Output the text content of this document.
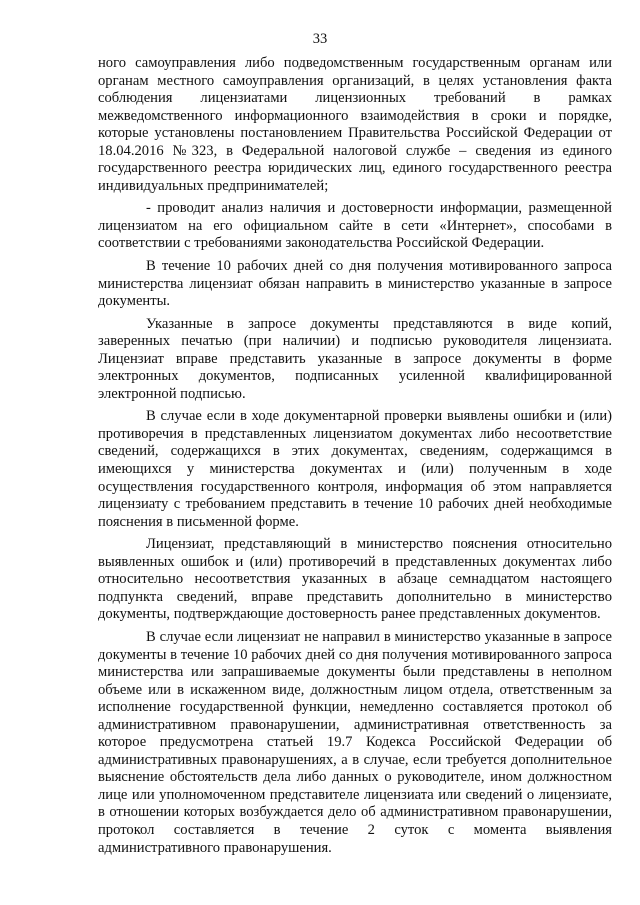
33

ного самоуправления либо подведомственным государственным органам или органам местного самоуправления организаций, в целях установления факта соблюдения лицензиатами лицензионных требований в рамках межведомственного информационного взаимодействия в сроки и порядке, которые установлены постановлением Правительства Российской Федерации от 18.04.2016 №323, в Федеральной налоговой службе – сведения из единого государственного реестра юридических лиц, единого государственного реестра индивидуальных предпринимателей;

- проводит анализ наличия и достоверности информации, размещенной лицензиатом на его официальном сайте в сети «Интернет», способами в соответствии с требованиями законодательства Российской Федерации.

В течение 10 рабочих дней со дня получения мотивированного запроса министерства лицензиат обязан направить в министерство указанные в запросе документы.

Указанные в запросе документы представляются в виде копий, заверенных печатью (при наличии) и подписью руководителя лицензиата. Лицензиат вправе представить указанные в запросе документы в форме электронных документов, подписанных усиленной квалифицированной электронной подписью.

В случае если в ходе документарной проверки выявлены ошибки и (или) противоречия в представленных лицензиатом документах либо несоответствие сведений, содержащихся в этих документах, сведениям, содержащимся в имеющихся у министерства документах и (или) полученным в ходе осуществления государственного контроля, информация об этом направляется лицензиату с требованием представить в течение 10 рабочих дней необходимые пояснения в письменной форме.

Лицензиат, представляющий в министерство пояснения относительно выявленных ошибок и (или) противоречий в представленных документах либо относительно несоответствия указанных в абзаце семнадцатом настоящего подпункта сведений, вправе представить дополнительно в министерство документы, подтверждающие достоверность ранее представленных документов.

В случае если лицензиат не направил в министерство указанные в запросе документы в течение 10 рабочих дней со дня получения мотивированного запроса министерства или запрашиваемые документы были представлены в неполном объеме или в искаженном виде, должностным лицом отдела, ответственным за исполнение государственной функции, немедленно составляется протокол об административном правонарушении, административная ответственность за которое предусмотрена статьей 19.7 Кодекса Российской Федерации об административных правонарушениях, а в случае, если требуется дополнительное выяснение обстоятельств дела либо данных о руководителе, ином должностном лице или уполномоченном представителе лицензиата или сведений о лицензиате, в отношении которых возбуждается дело об административном правонарушении, протокол составляется в течение 2 суток с момента выявления административного правонарушения.
